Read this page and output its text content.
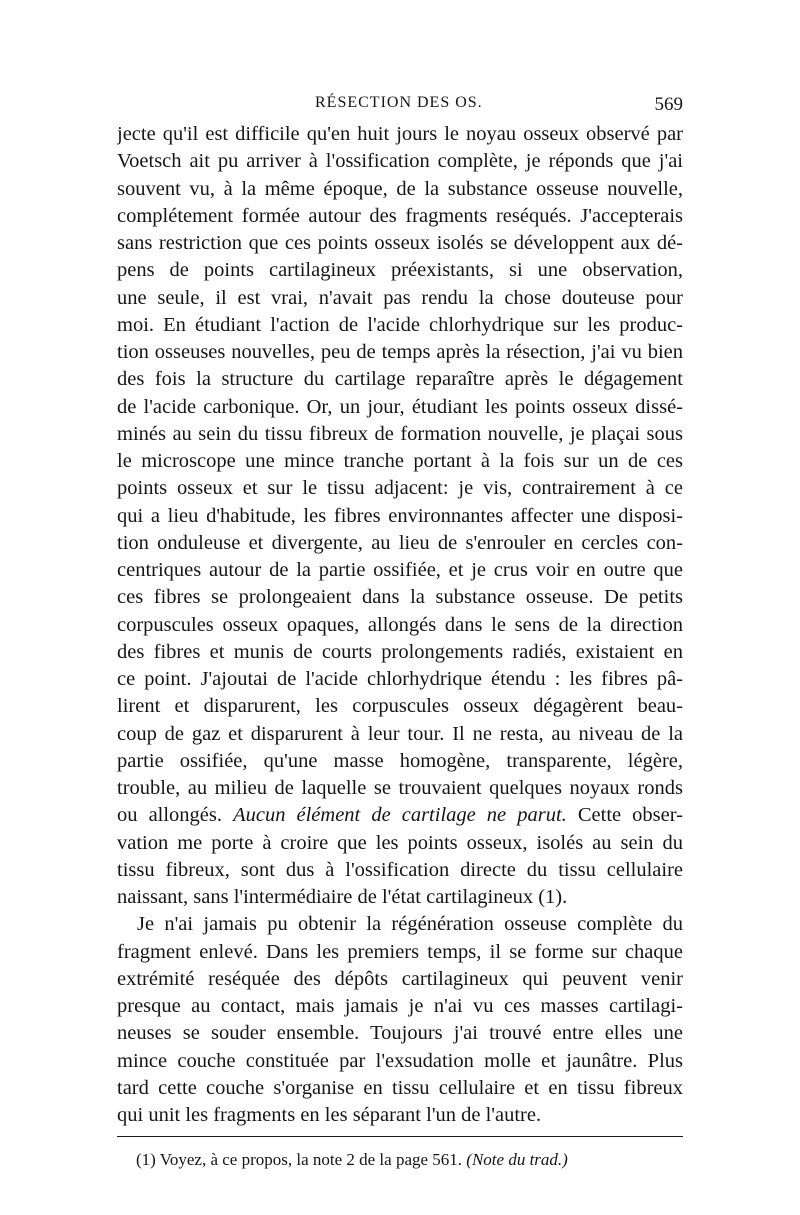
RÉSECTION DES OS.	569
jecte qu'il est difficile qu'en huit jours le noyau osseux observé par
Voetsch ait pu arriver à l'ossification complète, je réponds que j'ai
souvent vu, à la même époque, de la substance osseuse nouvelle,
complétement formée autour des fragments reséqués. J'accepterais
sans restriction que ces points osseux isolés se développent aux dé-
pens de points cartilagineux préexistants, si une observation,
une seule, il est vrai, n'avait pas rendu la chose douteuse pour
moi. En étudiant l'action de l'acide chlorhydrique sur les produc-
tion osseuses nouvelles, peu de temps après la résection, j'ai vu bien
des fois la structure du cartilage reparaître après le dégagement
de l'acide carbonique. Or, un jour, étudiant les points osseux dissé-
minés au sein du tissu fibreux de formation nouvelle, je plaçai sous
le microscope une mince tranche portant à la fois sur un de ces
points osseux et sur le tissu adjacent: je vis, contrairement à ce
qui a lieu d'habitude, les fibres environnantes affecter une disposi-
tion onduleuse et divergente, au lieu de s'enrouler en cercles con-
centriques autour de la partie ossifiée, et je crus voir en outre que
ces fibres se prolongeaient dans la substance osseuse. De petits
corpuscules osseux opaques, allongés dans le sens de la direction
des fibres et munis de courts prolongements radiés, existaient en
ce point. J'ajoutai de l'acide chlorhydrique étendu : les fibres pâ-
lirent et disparurent, les corpuscules osseux dégagèrent beau-
coup de gaz et disparurent à leur tour. Il ne resta, au niveau de la
partie ossifiée, qu'une masse homogène, transparente, légère,
trouble, au milieu de laquelle se trouvaient quelques noyaux ronds
ou allongés. Aucun élément de cartilage ne parut. Cette obser-
vation me porte à croire que les points osseux, isolés au sein du
tissu fibreux, sont dus à l'ossification directe du tissu cellulaire
naissant, sans l'intermédiaire de l'état cartilagineux (1).
Je n'ai jamais pu obtenir la régénération osseuse complète du
fragment enlevé. Dans les premiers temps, il se forme sur chaque
extrémité reséquée des dépôts cartilagineux qui peuvent venir
presque au contact, mais jamais je n'ai vu ces masses cartilagi-
neuses se souder ensemble. Toujours j'ai trouvé entre elles une
mince couche constituée par l'exsudation molle et jaunâtre. Plus
tard cette couche s'organise en tissu cellulaire et en tissu fibreux
qui unit les fragments en les séparant l'un de l'autre.
(1) Voyez, à ce propos, la note 2 de la page 561. (Note du trad.)
